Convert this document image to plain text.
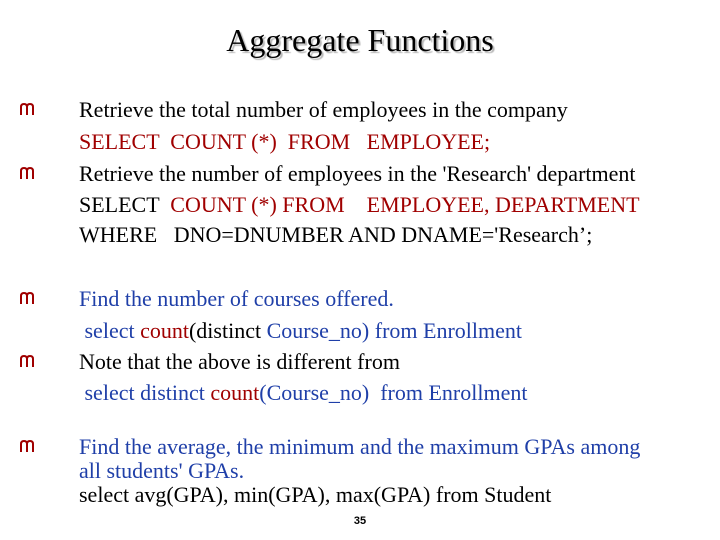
Aggregate Functions
Retrieve the total number of employees in the company
SELECT  COUNT (*)  FROM   EMPLOYEE;
Retrieve the number of employees in the 'Research' department
SELECT  COUNT (*) FROM    EMPLOYEE, DEPARTMENT
WHERE   DNO=DNUMBER AND DNAME='Research’;
Find the number of courses offered.
select count(distinct Course_no) from Enrollment
Note that the above is different from
select distinct count(Course_no)  from Enrollment
Find the average, the minimum and the maximum GPAs among
all students' GPAs.
select avg(GPA), min(GPA), max(GPA) from Student
35
